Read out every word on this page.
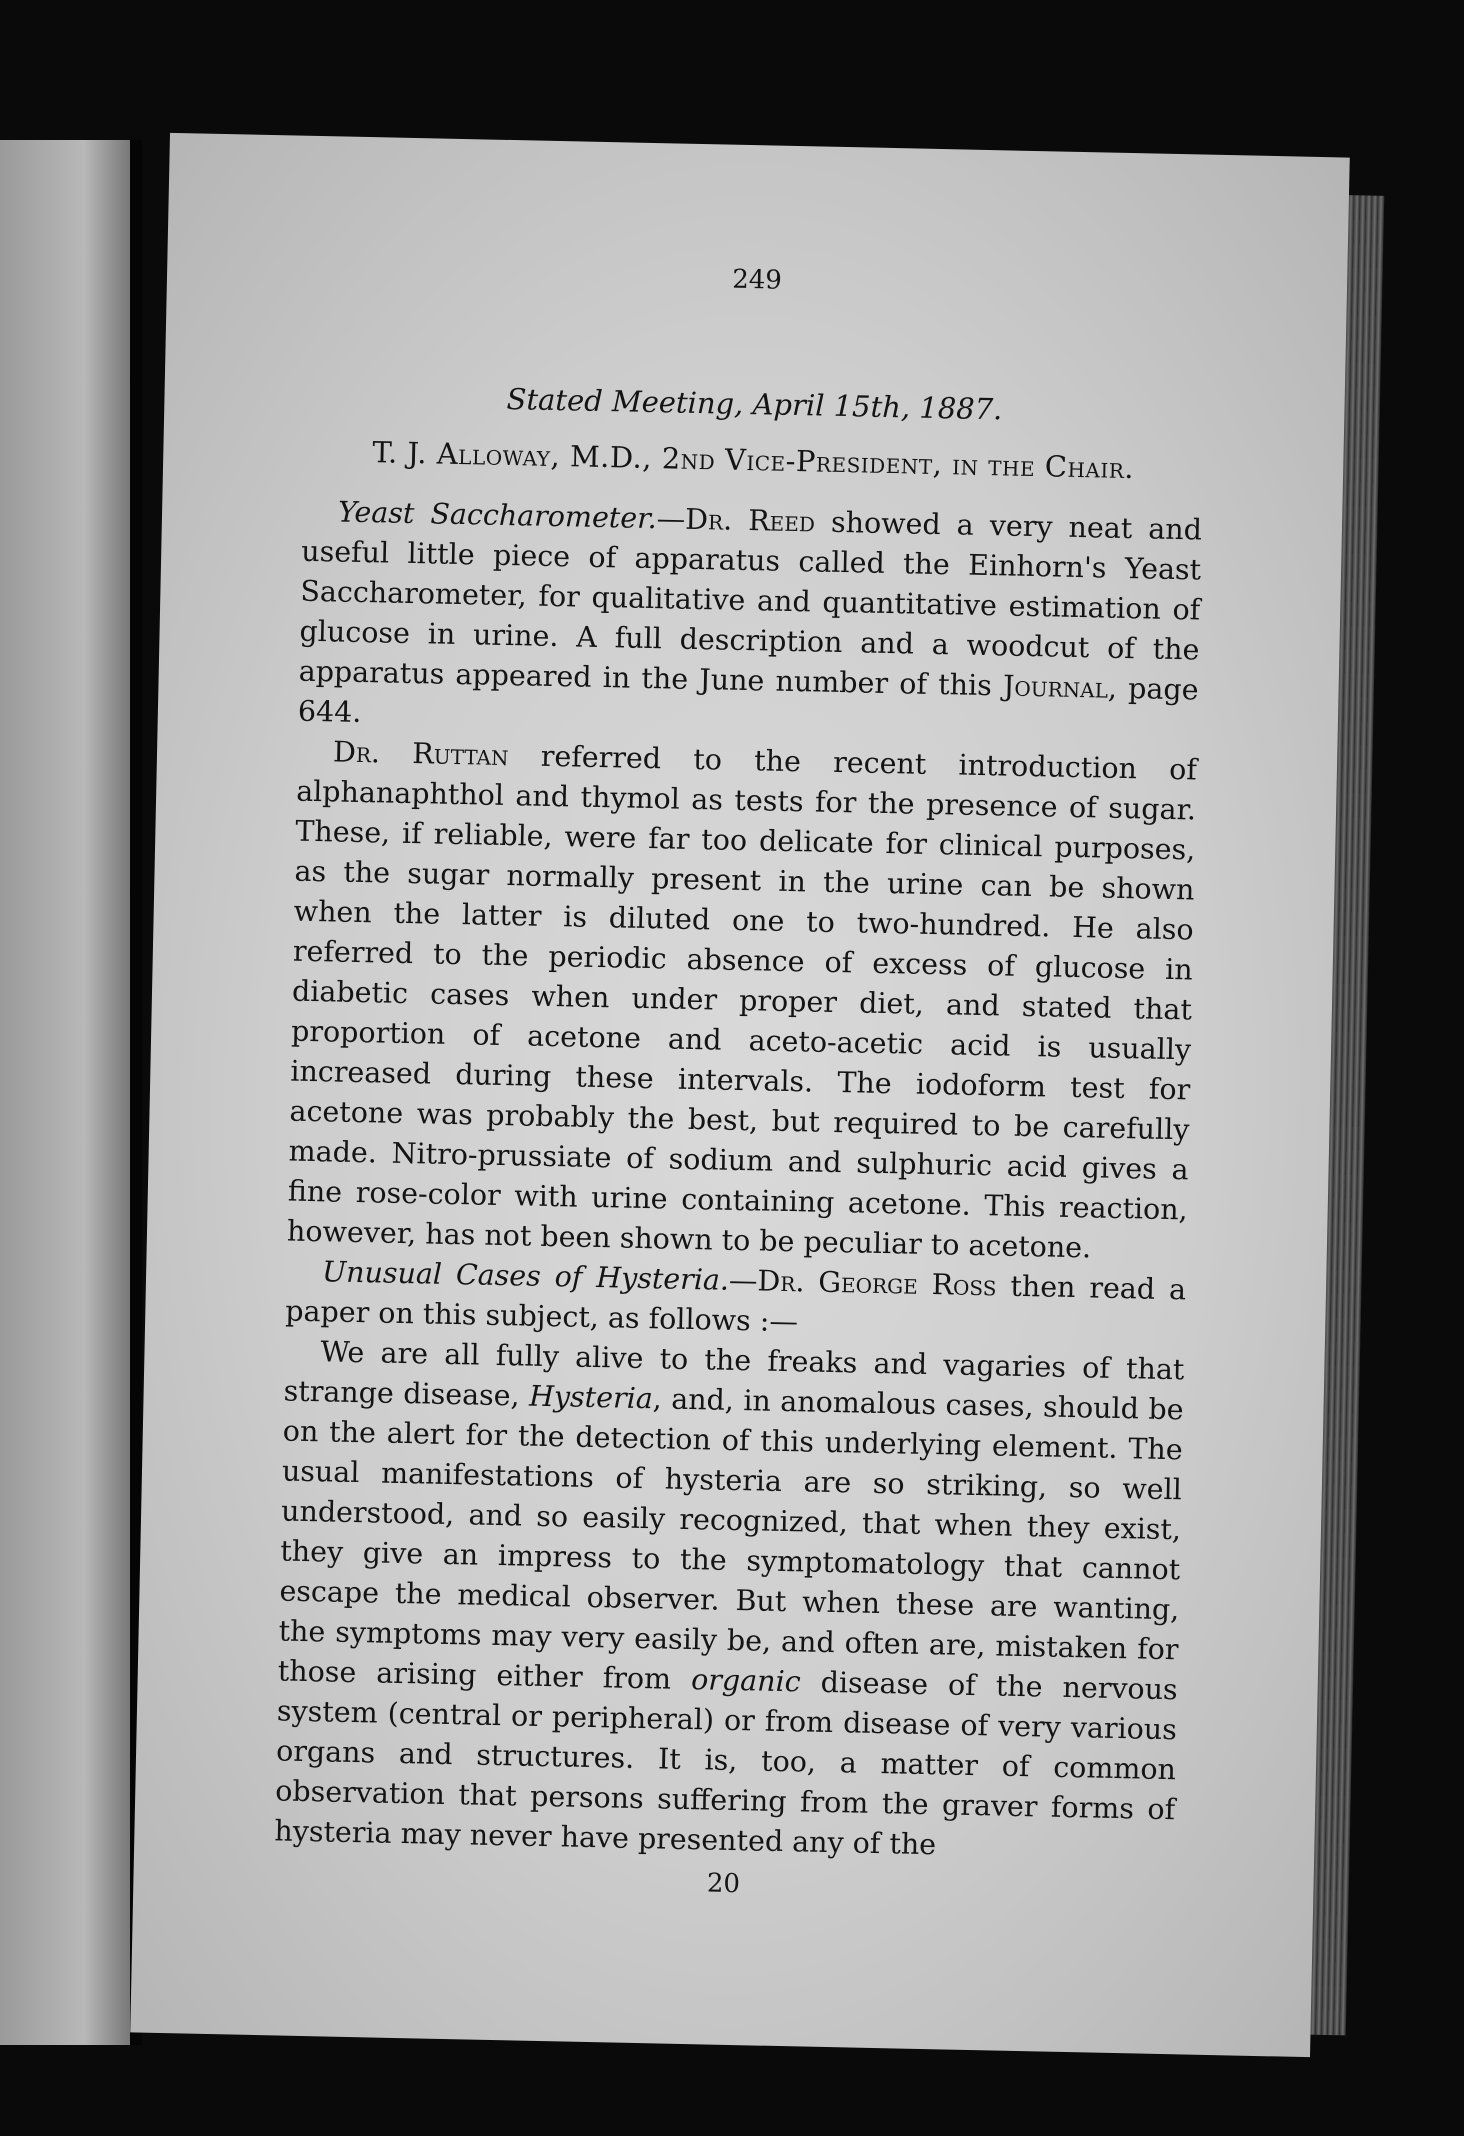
249
Stated Meeting, April 15th, 1887.
T. J. Alloway, M.D., 2nd Vice-President, in the Chair.

Yeast Saccharometer.—Dr. Reed showed a very neat and useful little piece of apparatus called the Einhorn's Yeast Saccharometer, for qualitative and quantitative estimation of glucose in urine. A full description and a woodcut of the apparatus appeared in the June number of this Journal, page 644.

Dr. Ruttan referred to the recent introduction of alphanaphthol and thymol as tests for the presence of sugar. These, if reliable, were far too delicate for clinical purposes, as the sugar normally present in the urine can be shown when the latter is diluted one to two-hundred. He also referred to the periodic absence of excess of glucose in diabetic cases when under proper diet, and stated that proportion of acetone and aceto-acetic acid is usually increased during these intervals. The iodoform test for acetone was probably the best, but required to be carefully made. Nitro-prussiate of sodium and sulphuric acid gives a fine rose-color with urine containing acetone. This reaction, however, has not been shown to be peculiar to acetone.

Unusual Cases of Hysteria.—Dr. George Ross then read a paper on this subject, as follows :—

We are all fully alive to the freaks and vagaries of that strange disease, Hysteria, and, in anomalous cases, should be on the alert for the detection of this underlying element. The usual manifestations of hysteria are so striking, so well understood, and so easily recognized, that when they exist, they give an impress to the symptomatology that cannot escape the medical observer. But when these are wanting, the symptoms may very easily be, and often are, mistaken for those arising either from organic disease of the nervous system (central or peripheral) or from disease of very various organs and structures. It is, too, a matter of common observation that persons suffering from the graver forms of hysteria may never have presented any of the

20
